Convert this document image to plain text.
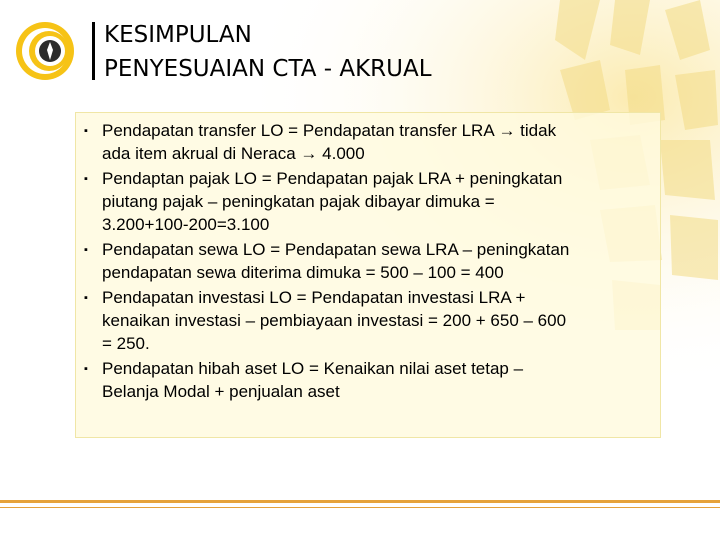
KESIMPULAN
PENYESUAIAN CTA - AKRUAL
▪ Pendapatan transfer LO = Pendapatan transfer LRA → tidak
ada item akrual di Neraca → 4.000
▪ Pendaptan pajak LO = Pendapatan pajak LRA + peningkatan
piutang pajak – peningkatan pajak dibayar dimuka =
3.200+100-200=3.100
▪ Pendapatan sewa LO = Pendapatan sewa LRA – peningkatan
pendapatan sewa diterima dimuka = 500 – 100 = 400
▪ Pendapatan investasi LO = Pendapatan investasi LRA +
kenaikan investasi – pembiayaan investasi = 200 + 650 – 600
= 250.
▪ Pendapatan hibah aset LO = Kenaikan nilai aset tetap –
Belanja Modal + penjualan aset
